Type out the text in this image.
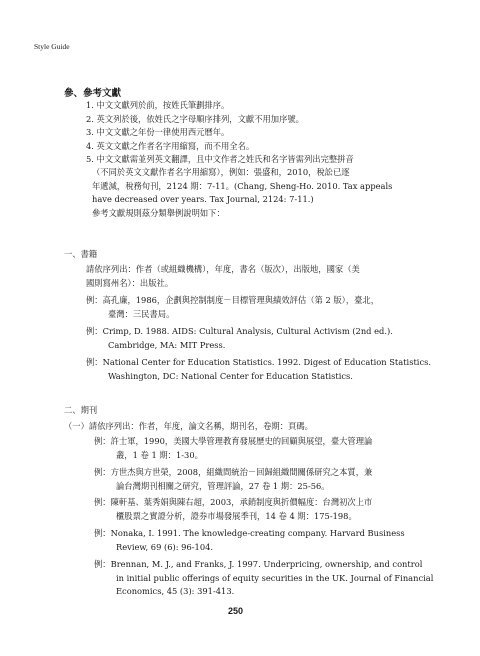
Style Guide
參、參考文獻
1. 中文文獻列於前，按姓氏筆劃排序。
2. 英文列於後，依姓氏之字母順序排列，文獻不用加序號。
3. 中文文獻之年份一律使用西元曆年。
4. 英文文獻之作者名字用縮寫，而不用全名。
5. 中文文獻需並列英文翻譯，且中文作者之姓氏和名字皆需列出完整拼音
（不同於英文文獻作者名字用縮寫），例如：張盛和，2010，稅訟已逐
年遞減，稅務旬刊，2124 期：7-11。(Chang, Sheng-Ho. 2010. Tax appeals
have decreased over years. Tax Journal, 2124: 7-11.)
參考文獻規則茲分類舉例說明如下：
一、書籍
請依序列出：作者（或組織機構），年度，書名（版次），出版地，國家（美
國則寫州名）：出版社。
例：高孔廉，1986，企劃與控制制度－目標管理與績效評估（第 2 版），臺北，
臺灣：三民書局。
例：Crimp, D. 1988. AIDS: Cultural Analysis, Cultural Activism (2nd ed.).
Cambridge, MA: MIT Press.
例：National Center for Education Statistics. 1992. Digest of Education Statistics.
Washington, DC: National Center for Education Statistics.
二、期刊
（一）請依序列出：作者，年度，論文名稱，期刊名，卷期：頁碼。
例：許士軍，1990，美國大學管理教育發展歷史的回顧與展望，臺大管理論
叢，1 卷 1 期：1-30。
例：方世杰與方世榮，2008，組織間統治－回歸組織間關係研究之本質，兼
論台灣期刊相關之研究，管理評論，27 卷 1 期：25-56。
例：陳軒基、葉秀娟與陳右超，2003，承銷制度與折價幅度：台灣初次上市
櫃股票之實證分析，證券市場發展季刊，14 卷 4 期：175-198。
例：Nonaka, I. 1991. The knowledge-creating company. Harvard Business
Review, 69 (6): 96-104.
例：Brennan, M. J., and Franks, J. 1997. Underpricing, ownership, and control
in initial public offerings of equity securities in the UK. Journal of Financial
Economics, 45 (3): 391-413.
250
